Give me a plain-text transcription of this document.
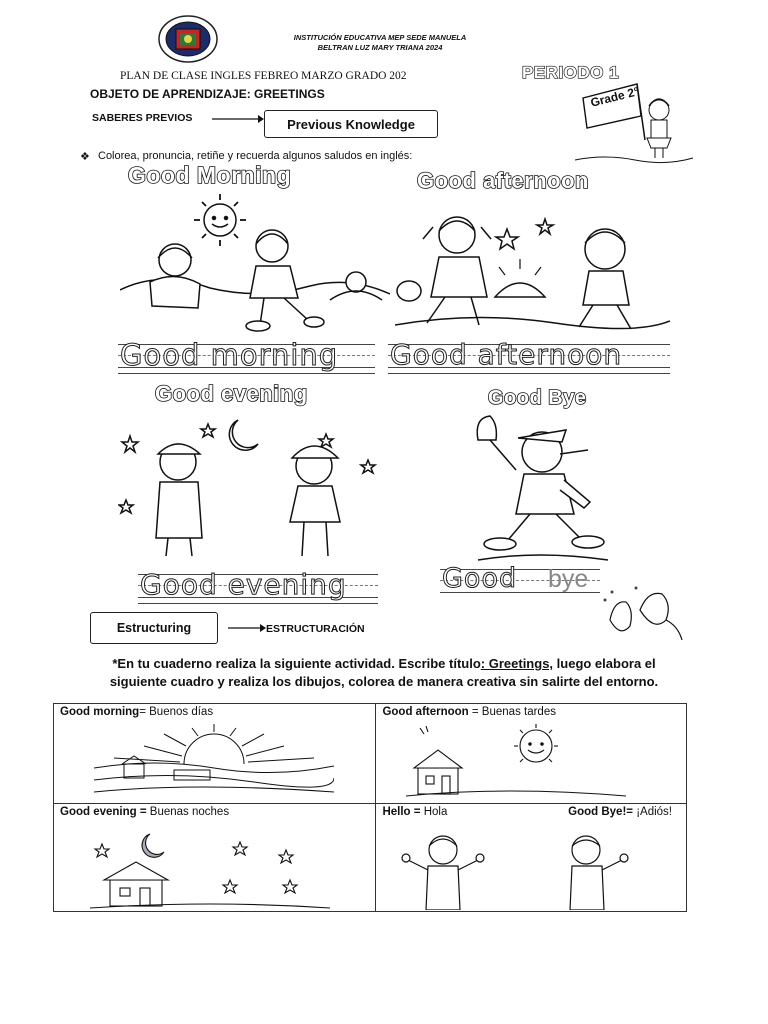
INSTITUCIÓN EDUCATIVA MEP SEDE MANUELA
BELTRAN LUZ MARY TRIANA 2024
PLAN DE CLASE INGLES FEBREO MARZO GRADO 202	PERIODO 1
OBJETO DE APRENDIZAJE: GREETINGS
SABERES PREVIOS	Previous Knowledge
Grade 2°
❖ Colorea, pronuncia, retiñe y recuerda algunos saludos en inglés:
Good Morning	Good afternoon
Good morning Good afternoon
Good evening	Good Bye
Good evening	Good bye
Estructuring	ESTRUCTURACIÓN
*En tu cuaderno realiza la siguiente actividad. Escribe título: Greetings, luego elabora el
siguiente cuadro y realiza los dibujos, colorea de manera creativa sin salirte del entorno.
Good morning= Buenos días	Good afternoon = Buenas tardes

Good evening = Buenas noches	Hello = Hola Good Bye!= ¡Adiós!
